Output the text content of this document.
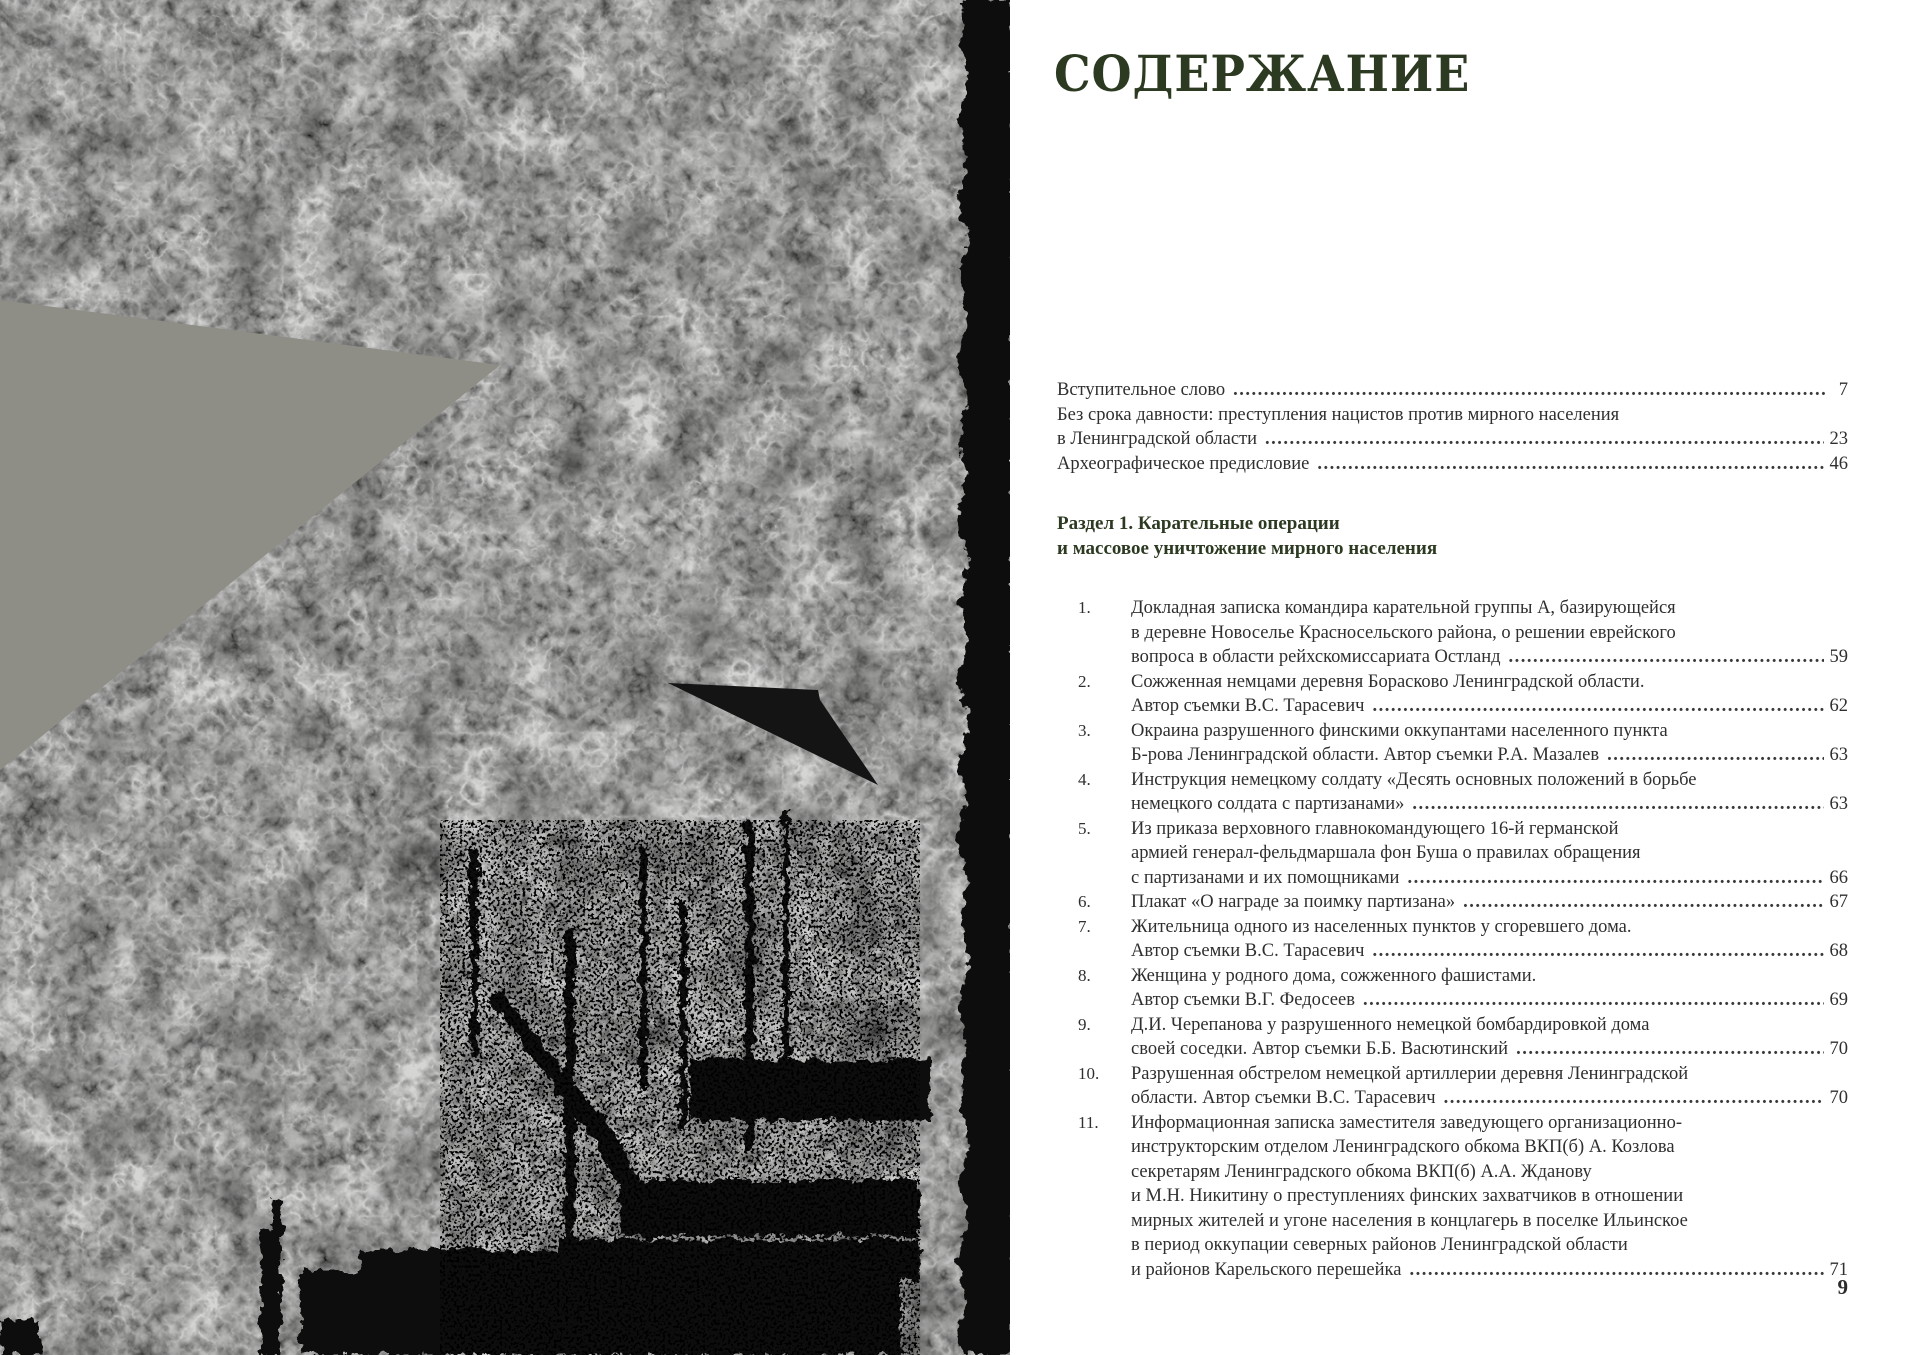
СОДЕРЖАНИЕ
Вступительное слово .....	7
Без срока давности: преступления нацистов против мирного населения
в Ленинградской области .....	23
Археографическое предисловие .....	46
Раздел 1. Карательные операции
и массовое уничтожение мирного населения
1.	Докладная записка командира карательной группы А, базирующейся
в деревне Новоселье Красносельского района, о решении еврейского
вопроса в области рейхскомиссариата Остланд .....	59
2.	Сожженная немцами деревня Борасково Ленинградской области.
Автор съемки В.С. Тарасевич .....	62
3.	Окраина разрушенного финскими оккупантами населенного пункта
Б-рова Ленинградской области. Автор съемки Р.А. Мазалев .....	63
4.	Инструкция немецкому солдату «Десять основных положений в борьбе
немецкого солдата с партизанами» .....	63
5.	Из приказа верховного главнокомандующего 16-й германской
армией генерал-фельдмаршала фон Буша о правилах обращения
с партизанами и их помощниками .....	66
6.	Плакат «О награде за поимку партизана» .....	67
7.	Жительница одного из населенных пунктов у сгоревшего дома.
Автор съемки В.С. Тарасевич .....	68
8.	Женщина у родного дома, сожженного фашистами.
Автор съемки В.Г. Федосеев .....	69
9.	Д.И. Черепанова у разрушенного немецкой бомбардировкой дома
своей соседки. Автор съемки Б.Б. Васютинский .....	70
10.	Разрушенная обстрелом немецкой артиллерии деревня Ленинградской
области. Автор съемки В.С. Тарасевич .....	70
11.	Информационная записка заместителя заведующего организационно-
инструкторским отделом Ленинградского обкома ВКП(б) А. Козлова
секретарям Ленинградского обкома ВКП(б) А.А. Жданову
и М.Н. Никитину о преступлениях финских захватчиков в отношении
мирных жителей и угоне населения в концлагерь в поселке Ильинское
в период оккупации северных районов Ленинградской области
и районов Карельского перешейка .....	71
9
